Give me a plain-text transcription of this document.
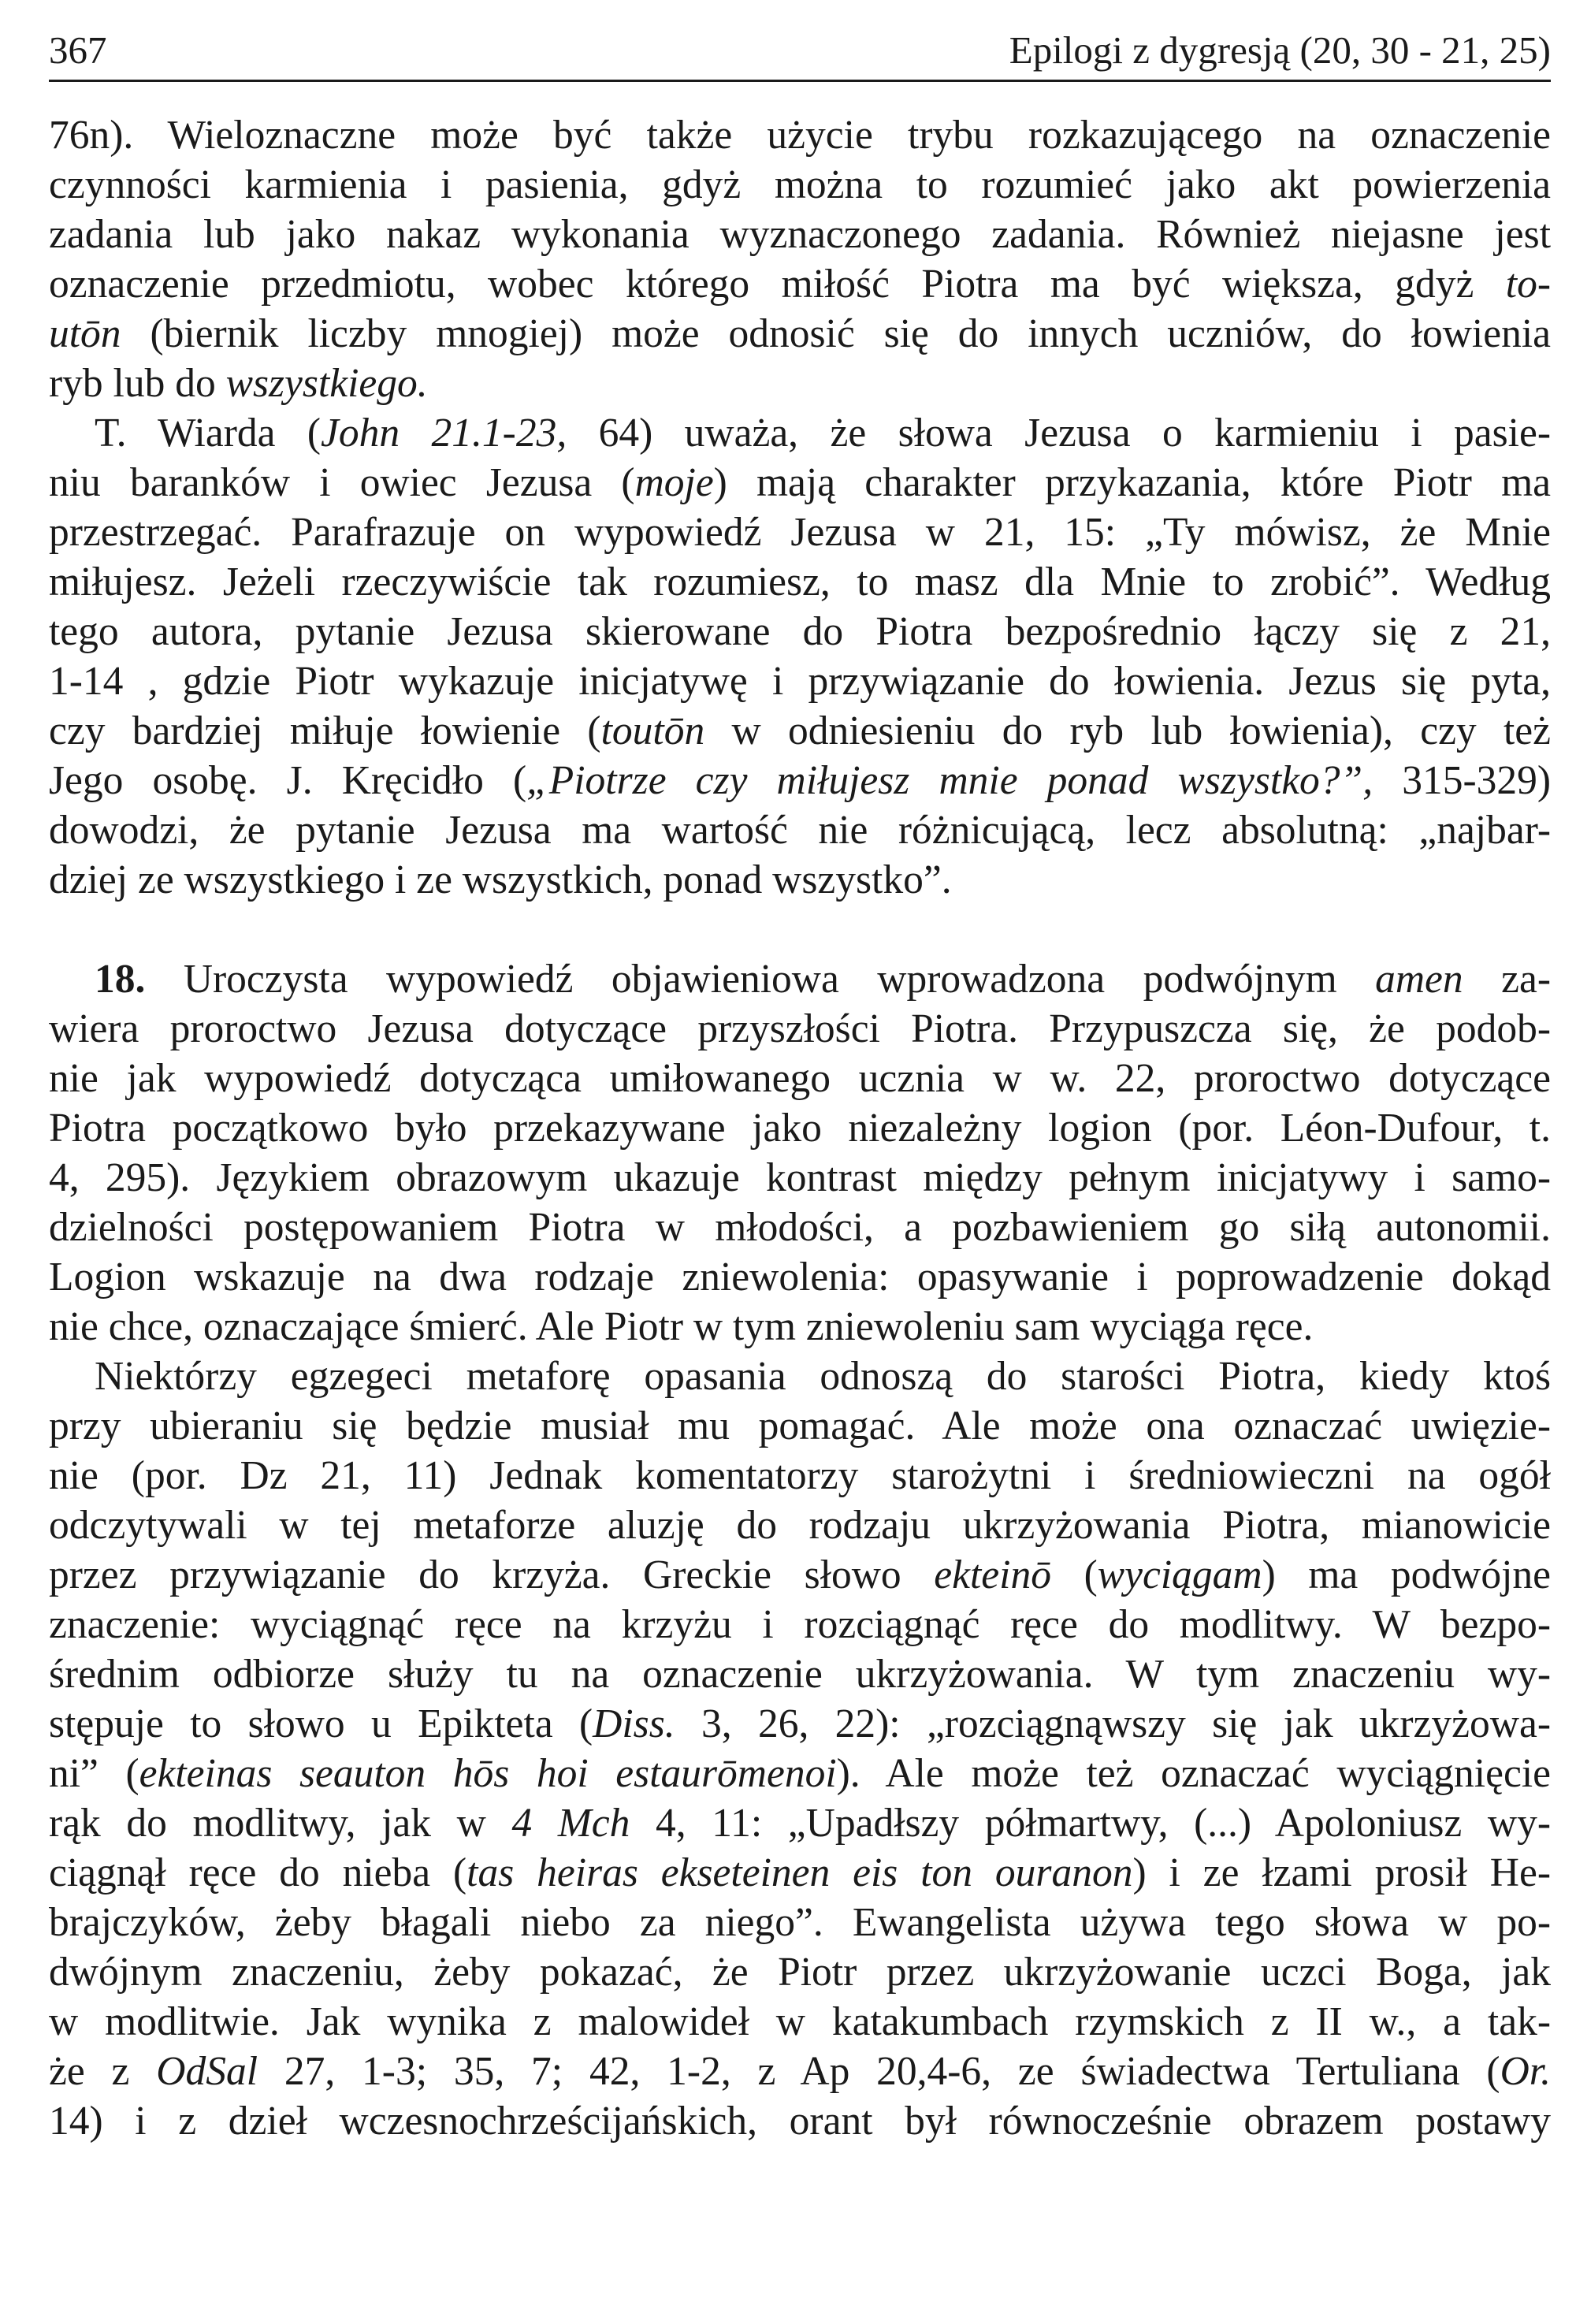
367	Epilogi z dygresją (20, 30 - 21, 25)
76n). Wieloznaczne może być także użycie trybu rozkazującego na oznaczenie
czynności karmienia i pasienia, gdyż można to rozumieć jako akt powierzenia
zadania lub jako nakaz wykonania wyznaczonego zadania. Również niejasne jest
oznaczenie przedmiotu, wobec którego miłość Piotra ma być większa, gdyż to-
utōn (biernik liczby mnogiej) może odnosić się do innych uczniów, do łowienia
ryb lub do wszystkiego.
T. Wiarda (John 21.1-23, 64) uważa, że słowa Jezusa o karmieniu i pasie-
niu baranków i owiec Jezusa (moje) mają charakter przykazania, które Piotr ma
przestrzegać. Parafrazuje on wypowiedź Jezusa w 21, 15: „Ty mówisz, że Mnie
miłujesz. Jeżeli rzeczywiście tak rozumiesz, to masz dla Mnie to zrobić”. Według
tego autora, pytanie Jezusa skierowane do Piotra bezpośrednio łączy się z 21,
1-14 , gdzie Piotr wykazuje inicjatywę i przywiązanie do łowienia. Jezus się pyta,
czy bardziej miłuje łowienie (toutōn w odniesieniu do ryb lub łowienia), czy też
Jego osobę. J. Kręcidło („Piotrze czy miłujesz mnie ponad wszystko?”, 315-329)
dowodzi, że pytanie Jezusa ma wartość nie różnicującą, lecz absolutną: „najbar-
dziej ze wszystkiego i ze wszystkich, ponad wszystko”.
18. Uroczysta wypowiedź objawieniowa wprowadzona podwójnym amen za-
wiera proroctwo Jezusa dotyczące przyszłości Piotra. Przypuszcza się, że podob-
nie jak wypowiedź dotycząca umiłowanego ucznia w w. 22, proroctwo dotyczące
Piotra początkowo było przekazywane jako niezależny logion (por. Léon-Dufour, t.
4, 295). Językiem obrazowym ukazuje kontrast między pełnym inicjatywy i samo-
dzielności postępowaniem Piotra w młodości, a pozbawieniem go siłą autonomii.
Logion wskazuje na dwa rodzaje zniewolenia: opasywanie i poprowadzenie dokąd
nie chce, oznaczające śmierć. Ale Piotr w tym zniewoleniu sam wyciąga ręce.
Niektórzy egzegeci metaforę opasania odnoszą do starości Piotra, kiedy ktoś
przy ubieraniu się będzie musiał mu pomagać. Ale może ona oznaczać uwięzie-
nie (por. Dz 21, 11) Jednak komentatorzy starożytni i średniowieczni na ogół
odczytywali w tej metaforze aluzję do rodzaju ukrzyżowania Piotra, mianowicie
przez przywiązanie do krzyża. Greckie słowo ekteinō (wyciągam) ma podwójne
znaczenie: wyciągnąć ręce na krzyżu i rozciągnąć ręce do modlitwy. W bezpo-
średnim odbiorze służy tu na oznaczenie ukrzyżowania. W tym znaczeniu wy-
stępuje to słowo u Epikteta (Diss. 3, 26, 22): „rozciągnąwszy się jak ukrzyżowa-
ni” (ekteinas seauton hōs hoi estaurōmenoi). Ale może też oznaczać wyciągnięcie
rąk do modlitwy, jak w 4 Mch 4, 11: „Upadłszy półmartwy, (...) Apoloniusz wy-
ciągnął ręce do nieba (tas heiras ekseteinen eis ton ouranon) i ze łzami prosił He-
brajczyków, żeby błagali niebo za niego”. Ewangelista używa tego słowa w po-
dwójnym znaczeniu, żeby pokazać, że Piotr przez ukrzyżowanie uczci Boga, jak
w modlitwie. Jak wynika z malowideł w katakumbach rzymskich z II w., a tak-
że z OdSal 27, 1-3; 35, 7; 42, 1-2, z Ap 20,4-6, ze świadectwa Tertuliana (Or.
14) i z dzieł wczesnochrześcijańskich, orant był równocześnie obrazem postawy
